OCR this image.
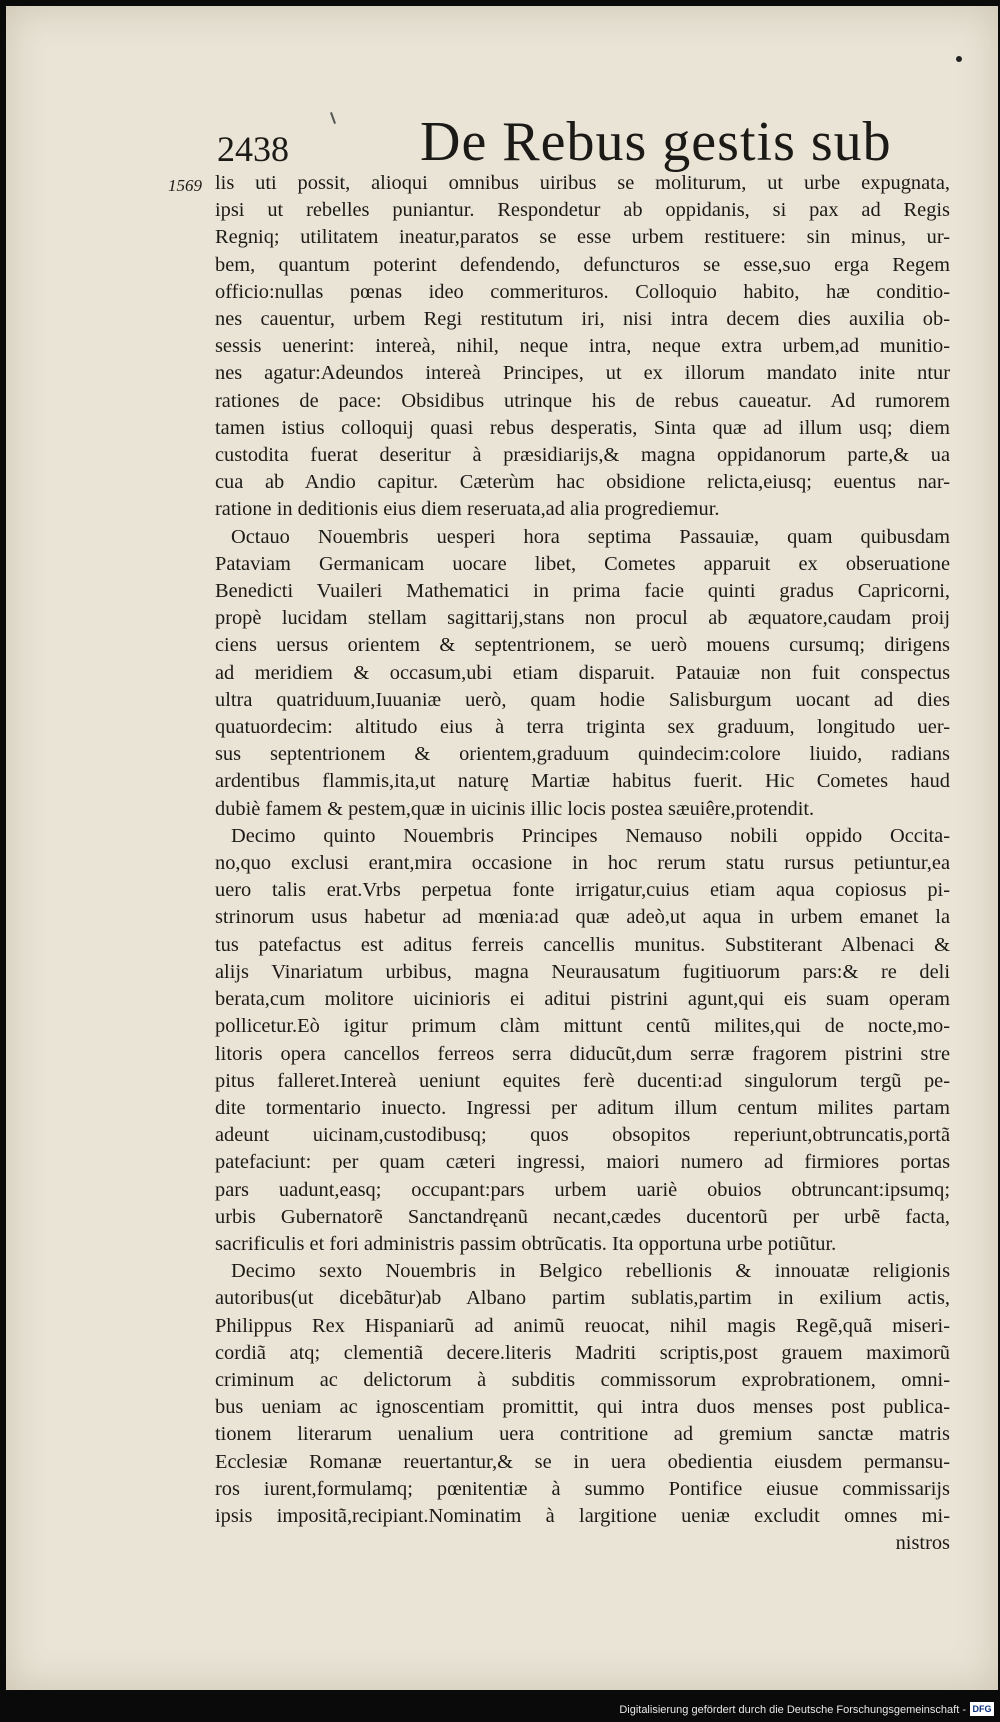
2438 De Rebus gestis sub
1569 lis uti possit, alioqui omnibus uiribus se moliturum, ut urbe expugnata,
ipsi ut rebelles puniantur. Respondetur ab oppidanis, si pax ad Regis
Regniq; utilitatem ineatur,paratos se esse urbem restituere: sin minus, ur-
bem, quantum poterint defendendo, defuncturos se esse,suo erga Regem
officio:nullas pœnas ideo commerituros. Colloquio habito, hæ conditio-
nes cauentur, urbem Regi restitutum iri, nisi intra decem dies auxilia ob-
sessis uenerint: intereà, nihil, neque intra, neque extra urbem,ad munitio-
nes agatur:Adeundos intereà Principes, ut ex illorum mandato inite ntur
rationes de pace: Obsidibus utrinque his de rebus caueatur. Ad rumorem
tamen istius colloquij quasi rebus desperatis, Sinta quæ ad illum usq; diem
custodita fuerat deseritur à præsidiarijs,& magna oppidanorum parte,& ua
cua ab Andio capitur. Cæterùm hac obsidione relicta,eiusq; euentus nar-
ratione in deditionis eius diem reseruata,ad alia progrediemur.
Octauo Nouembris uesperi hora septima Passauiæ, quam quibusdam
Pataviam Germanicam uocare libet, Cometes apparuit ex obseruatione
Benedicti Vuaileri Mathematici in prima facie quinti gradus Capricorni,
propè lucidam stellam sagittarij,stans non procul ab æquatore,caudam proij
ciens uersus orientem & septentrionem, se uerò mouens cursumq; dirigens
ad meridiem & occasum,ubi etiam disparuit. Patauiæ non fuit conspectus
ultra quatriduum,Iuuaniæ uerò, quam hodie Salisburgum uocant ad dies
quatuordecim: altitudo eius à terra triginta sex graduum, longitudo uer-
sus septentrionem & orientem,graduum quindecim:colore liuido, radians
ardentibus flammis,ita,ut naturę Martiæ habitus fuerit. Hic Cometes haud
dubiè famem & pestem,quæ in uicinis illic locis postea sæuiêre,protendit.
Decimo quinto Nouembris Principes Nemauso nobili oppido Occita-
no,quo exclusi erant,mira occasione in hoc rerum statu rursus petiuntur,ea
uero talis erat.Vrbs perpetua fonte irrigatur,cuius etiam aqua copiosus pi-
strinorum usus habetur ad mœnia:ad quæ adeò,ut aqua in urbem emanet la
tus patefactus est aditus ferreis cancellis munitus. Substiterant Albenaci &
alijs Vinariatum urbibus, magna Neurausatum fugitiuorum pars:& re deli
berata,cum molitore uicinioris ei aditui pistrini agunt,qui eis suam operam
pollicetur.Eò igitur primum clàm mittunt centũ milites,qui de nocte,mo-
litoris opera cancellos ferreos serra diducũt,dum serræ fragorem pistrini stre
pitus falleret.Intereà ueniunt equites ferè ducenti:ad singulorum tergũ pe-
dite tormentario inuecto. Ingressi per aditum illum centum milites partam
adeunt uicinam,custodibusq; quos obsopitos reperiunt,obtruncatis,portã
patefaciunt: per quam cæteri ingressi, maiori numero ad firmiores portas
pars uadunt,easq; occupant:pars urbem uariè obuios obtruncant:ipsumq;
urbis Gubernatorẽ Sanctandręanũ necant,cædes ducentorũ per urbẽ facta,
sacrificulis et fori administris passim obtrũcatis. Ita opportuna urbe potiũtur.
Decimo sexto Nouembris in Belgico rebellionis & innouatæ religionis
autoribus(ut dicebãtur)ab Albano partim sublatis,partim in exilium actis,
Philippus Rex Hispaniarũ ad animũ reuocat, nihil magis Regẽ,quã miseri-
cordiã atq; clementiã decere.literis Madriti scriptis,post grauem maximorũ
criminum ac delictorum à subditis commissorum exprobrationem, omni-
bus ueniam ac ignoscentiam promittit, qui intra duos menses post publica-
tionem literarum uenalium uera contritione ad gremium sanctæ matris
Ecclesiæ Romanæ reuertantur,& se in uera obedientia eiusdem permansu-
ros iurent,formulamq; pœnitentiæ à summo Pontifice eiusue commissarijs
ipsis impositã,recipiant.Nominatim à largitione ueniæ excludit omnes mi-
nistros
Digitalisierung gefördert durch die Deutsche Forschungsgemeinschaft - DFG
